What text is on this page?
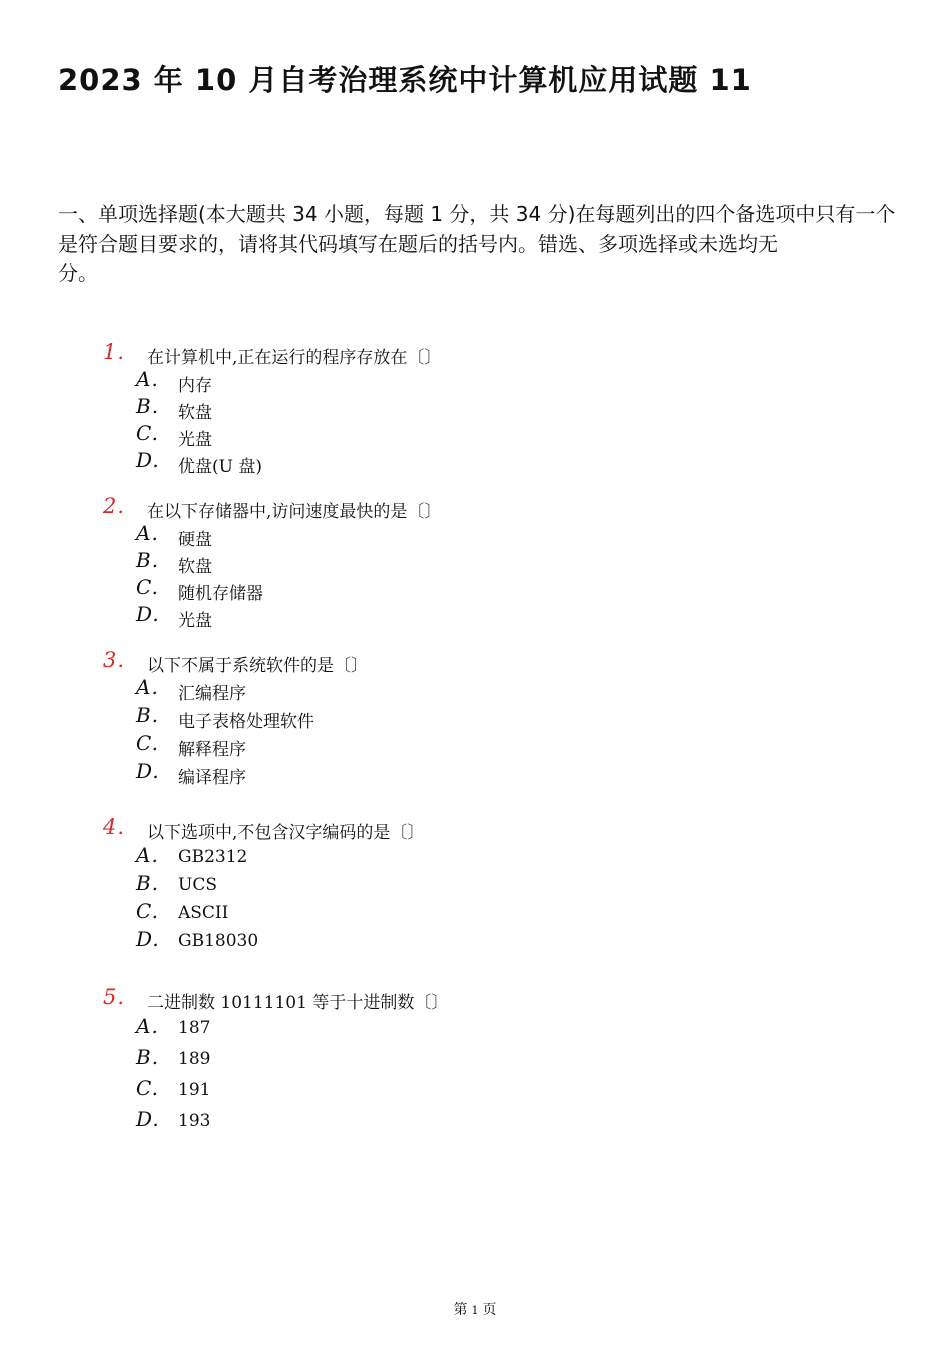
2023 年 10 月自考治理系统中计算机应用试题 11

一、单项选择题(本大题共 34 小题，每题 1 分，共 34 分)在每题列出的四个备选项中只有一个是符合题目要求的，请将其代码填写在题后的括号内。错选、多项选择或未选均无
分。

1. 在计算机中,正在运行的程序存放在〔〕
A. 内存
B. 软盘
C. 光盘
D. 优盘(U 盘)
2. 在以下存储器中,访问速度最快的是〔〕
A. 硬盘
B. 软盘
C. 随机存储器
D. 光盘
3. 以下不属于系统软件的是〔〕
A. 汇编程序
B. 电子表格处理软件
C. 解释程序
D. 编译程序
4. 以下选项中,不包含汉字编码的是〔〕
A. GB2312
B. UCS
C. ASCII
D. GB18030
5. 二进制数 10111101 等于十进制数〔〕
A. 187
B. 189
C. 191
D. 193
第 1 页
